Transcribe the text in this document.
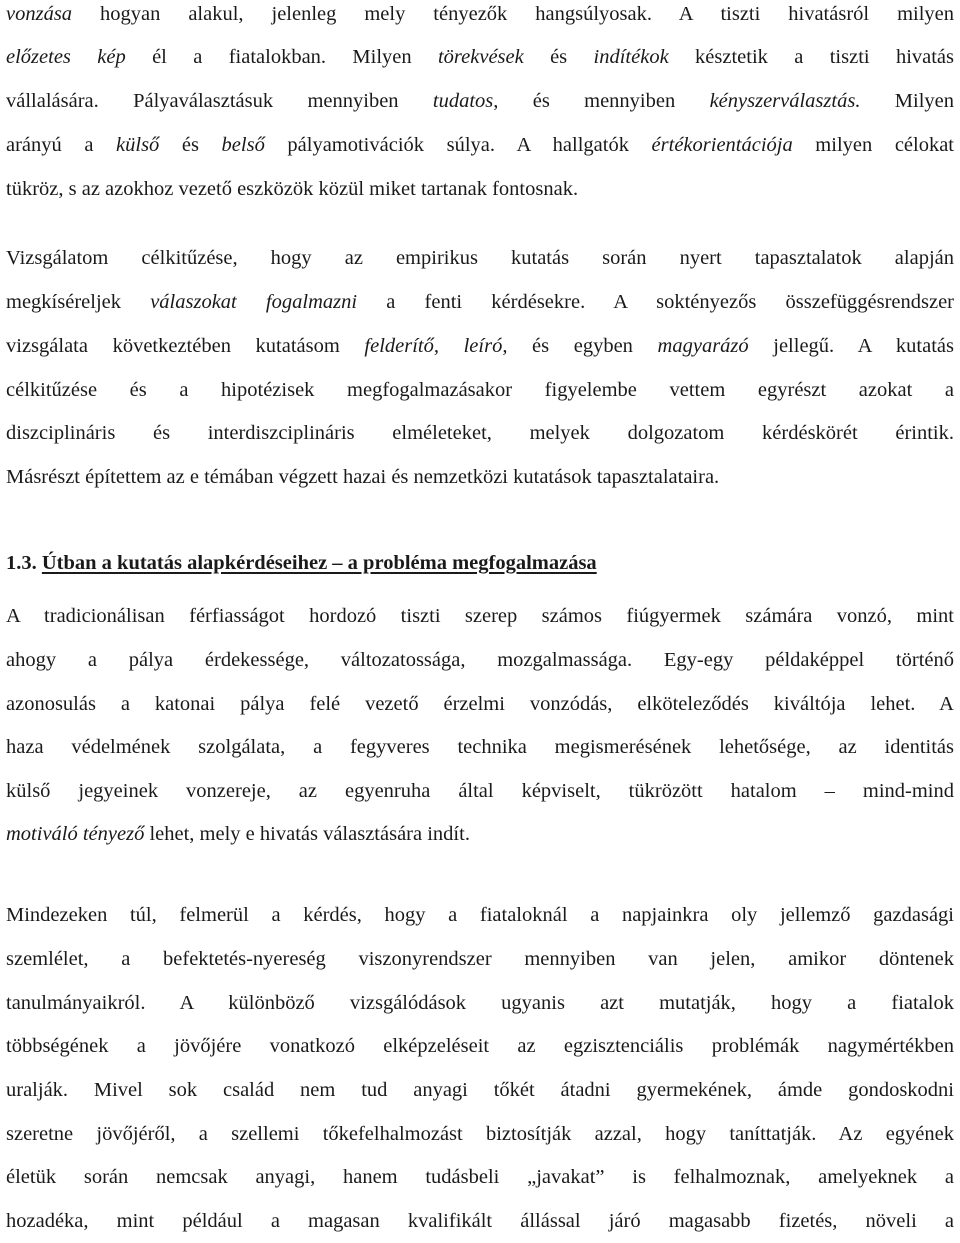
vonzása hogyan alakul, jelenleg mely tényezők hangsúlyosak. A tiszti hivatásról milyen
előzetes kép él a fiatalokban. Milyen törekvések és indítékok késztetik a tiszti hivatás
vállalására. Pályaválasztásuk mennyiben tudatos, és mennyiben kényszerválasztás. Milyen
arányú a külső és belső pályamotivációk súlya. A hallgatók értékorientációja milyen célokat
tükröz, s az azokhoz vezető eszközök közül miket tartanak fontosnak.
Vizsgálatom célkitűzése, hogy az empirikus kutatás során nyert tapasztalatok alapján
megkíséreljek válaszokat fogalmazni a fenti kérdésekre. A soktényezős összefüggésrendszer
vizsgálata következtében kutatásom felderítő, leíró, és egyben magyarázó jellegű. A kutatás
célkitűzése és a hipotézisek megfogalmazásakor figyelembe vettem egyrészt azokat a
diszciplináris és interdiszciplináris elméleteket, melyek dolgozatom kérdéskörét érintik.
Másrészt építettem az e témában végzett hazai és nemzetközi kutatások tapasztalataira.
1.3. Útban a kutatás alapkérdéseihez – a probléma megfogalmazása
A tradicionálisan férfiasságot hordozó tiszti szerep számos fiúgyermek számára vonzó, mint
ahogy a pálya érdekessége, változatossága, mozgalmassága. Egy-egy példaképpel történő
azonosulás a katonai pálya felé vezető érzelmi vonzódás, elköteleződés kiváltója lehet. A
haza védelmének szolgálata, a fegyveres technika megismerésének lehetősége, az identitás
külső jegyeinek vonzereje, az egyenruha által képviselt, tükrözött hatalom – mind-mind
motiváló tényező lehet, mely e hivatás választására indít.
Mindezeken túl, felmerül a kérdés, hogy a fiataloknál a napjainkra oly jellemző gazdasági
szemlélet, a befektetés-nyereség viszonyrendszer mennyiben van jelen, amikor döntenek
tanulmányaikról. A különböző vizsgálódások ugyanis azt mutatják, hogy a fiatalok
többségének a jövőjére vonatkozó elképzeléseit az egzisztenciális problémák nagymértékben
uralják. Mivel sok család nem tud anyagi tőkét átadni gyermekének, ámde gondoskodni
szeretne jövőjéről, a szellemi tőkefelhalmozást biztosítják azzal, hogy taníttatják. Az egyének
életük során nemcsak anyagi, hanem tudásbeli „javakat” is felhalmoznak, amelyeknek a
hozadéka, mint például a magasan kvalifikált állással járó magasabb fizetés, növeli a
